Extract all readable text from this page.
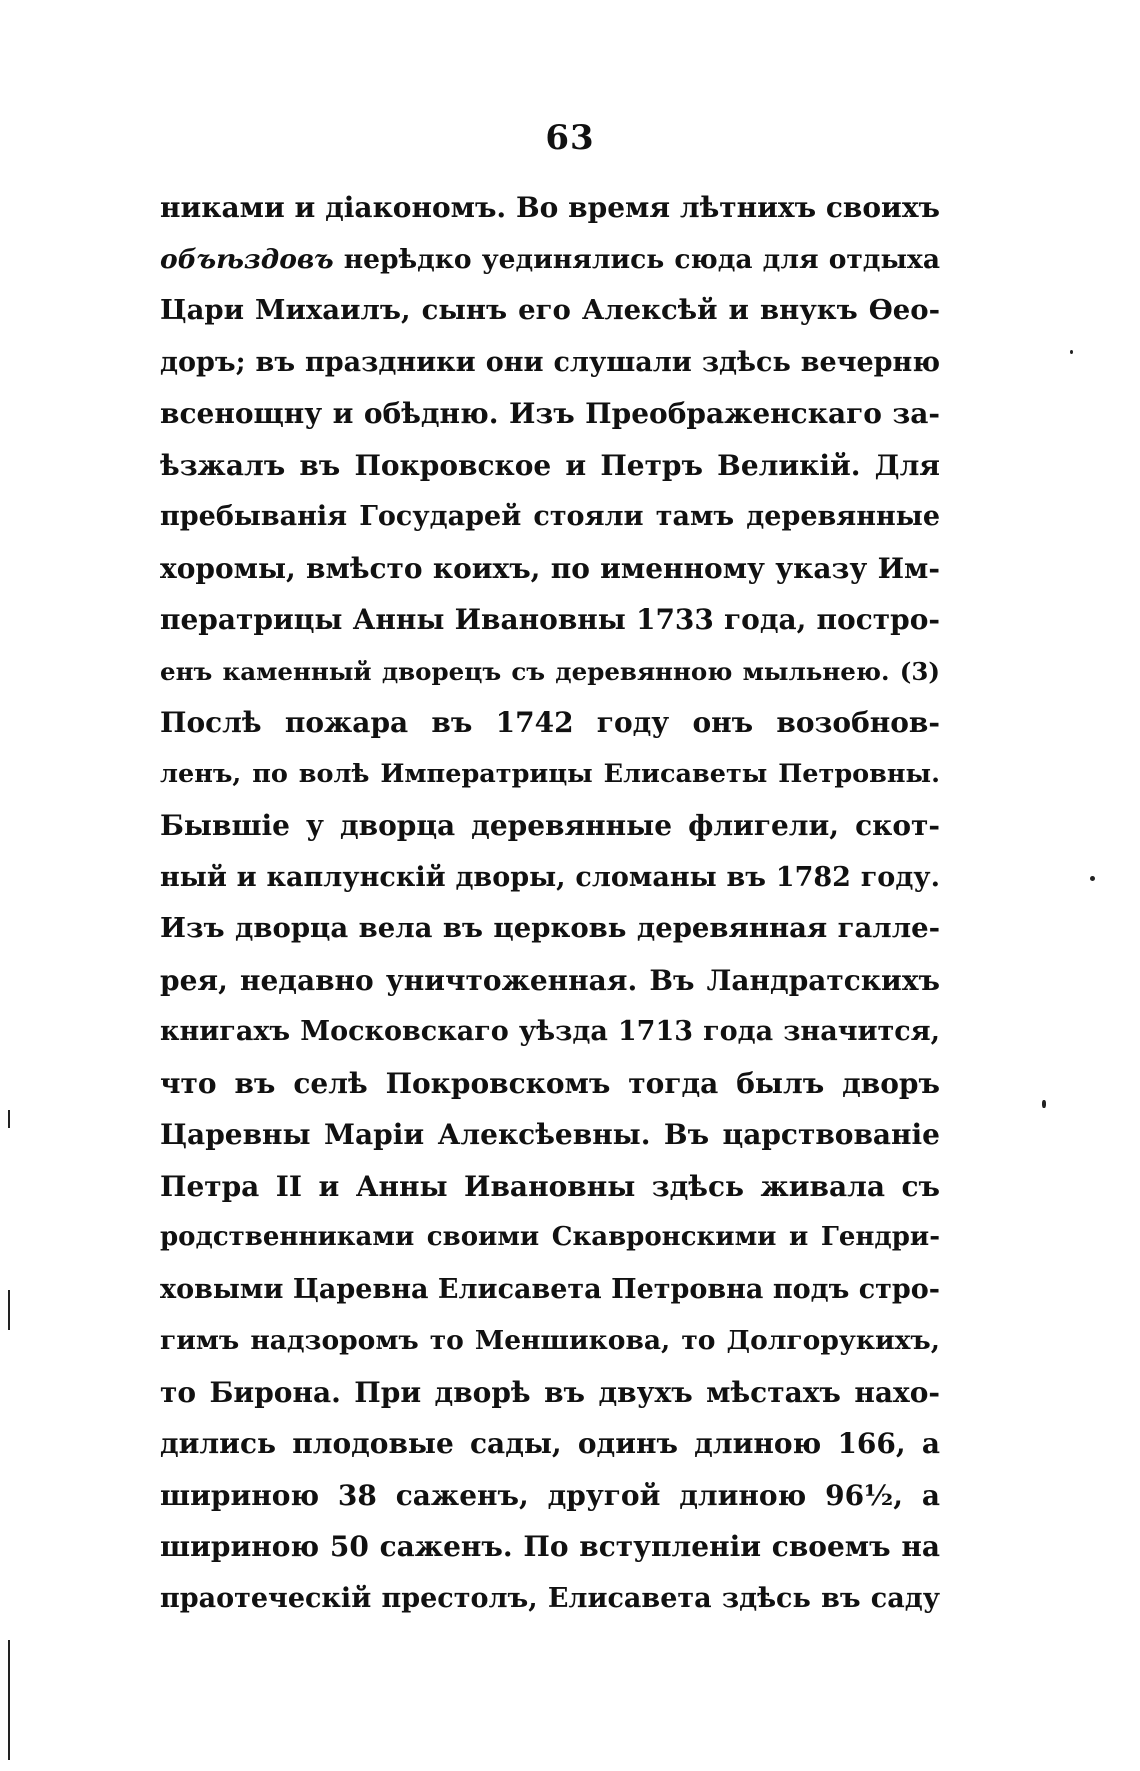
63
никами и діакономъ. Во время лѣтнихъ своихъ
объѣздовъ нерѣдко уединялись сюда для отдыха
Цари Михаилъ, сынъ его Алексѣй и внукъ Ѳео-
доръ; въ праздники они слушали здѣсь вечерню
всенощну и обѣдню. Изъ Преображенскаго за-
ѣзжалъ въ Покровское и Петръ Великій. Для
пребыванія Государей стояли тамъ деревянные
хоромы, вмѣсто коихъ, по именному указу Им-
ператрицы Анны Ивановны 1733 года, постро-
енъ каменный дворецъ съ деревянною мыльнею. (3)
Послѣ пожара въ 1742 году онъ возобнов-
ленъ, по волѣ Императрицы Елисаветы Петровны.
Бывшіе у дворца деревянные флигели, скот-
ный и каплунскій дворы, сломаны въ 1782 году.
Изъ дворца вела въ церковь деревянная галле-
рея, недавно уничтоженная. Въ Ландратскихъ
книгахъ Московскаго уѣзда 1713 года значится,
что въ селѣ Покровскомъ тогда былъ дворъ
Царевны Маріи Алексѣевны. Въ царствованіе
Петра II и Анны Ивановны здѣсь живала съ
родственниками своими Скавронскими и Гендри-
ховыми Царевна Елисавета Петровна подъ стро-
гимъ надзоромъ то Меншикова, то Долгорукихъ,
то Бирона. При дворѣ въ двухъ мѣстахъ нахо-
дились плодовые сады, одинъ длиною 166, а
шириною 38 саженъ, другой длиною 96½, а
шириною 50 саженъ. По вступленіи своемъ на
праотеческій престолъ, Елисавета здѣсь въ саду
